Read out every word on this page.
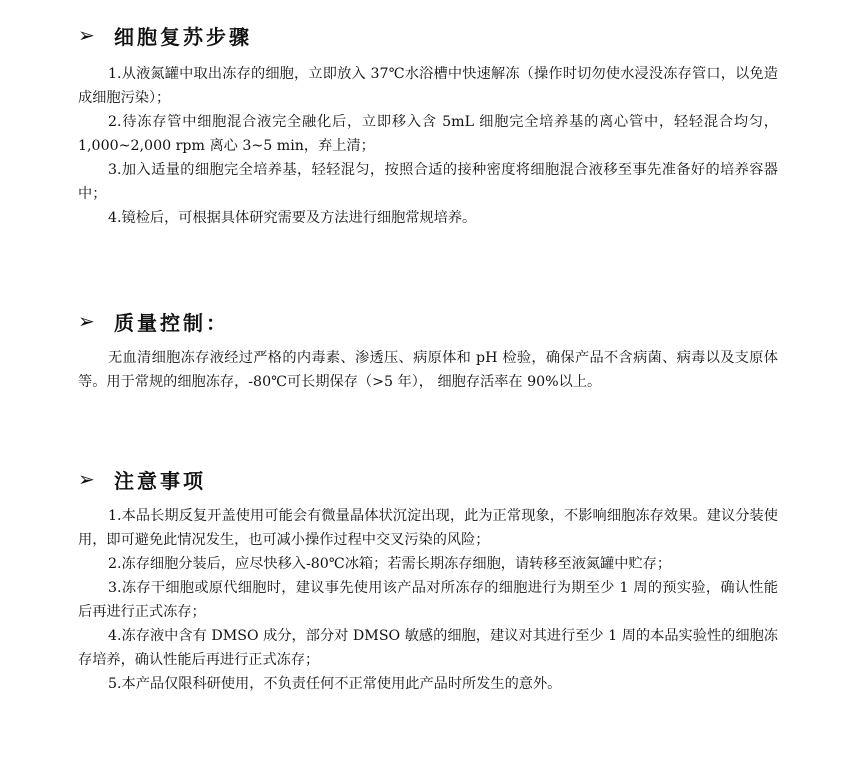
➢ 细胞复苏步骤

1.从液氮罐中取出冻存的细胞，立即放入 37℃水浴槽中快速解冻（操作时切勿使水浸没冻存管口，以免造成细胞污染）；

2.待冻存管中细胞混合液完全融化后，立即移入含 5mL 细胞完全培养基的离心管中，轻轻混合均匀，1,000~2,000 rpm 离心 3~5 min，弃上清；

3.加入适量的细胞完全培养基，轻轻混匀，按照合适的接种密度将细胞混合液移至事先准备好的培养容器中；

4.镜检后，可根据具体研究需要及方法进行细胞常规培养。

➢ 质量控制：

无血清细胞冻存液经过严格的内毒素、渗透压、病原体和 pH 检验，确保产品不含病菌、病毒以及支原体等。用于常规的细胞冻存，-80℃可长期保存（>5 年）， 细胞存活率在 90%以上。

➢ 注意事项

1.本品长期反复开盖使用可能会有微量晶体状沉淀出现，此为正常现象，不影响细胞冻存效果。建议分装使用，即可避免此情况发生，也可减小操作过程中交叉污染的风险；

2.冻存细胞分装后，应尽快移入-80℃冰箱；若需长期冻存细胞，请转移至液氮罐中贮存；

3.冻存干细胞或原代细胞时，建议事先使用该产品对所冻存的细胞进行为期至少 1 周的预实验，确认性能后再进行正式冻存；

4.冻存液中含有 DMSO 成分，部分对 DMSO 敏感的细胞，建议对其进行至少 1 周的本品实验性的细胞冻存培养，确认性能后再进行正式冻存；

5.本产品仅限科研使用，不负责任何不正常使用此产品时所发生的意外。
